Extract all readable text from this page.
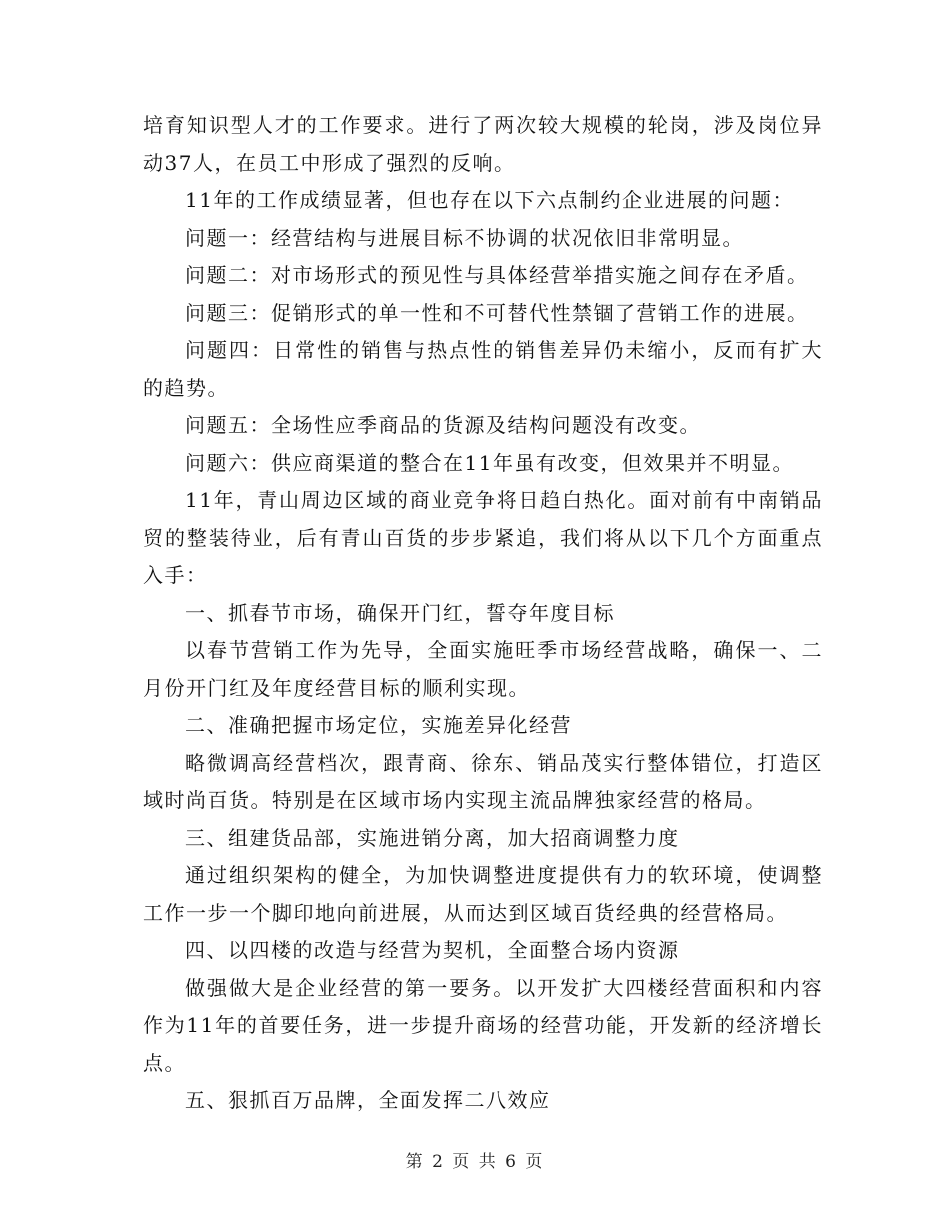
培育知识型人才的工作要求。进行了两次较大规模的轮岗，涉及岗位异动37人，在员工中形成了强烈的反响。

11年的工作成绩显著，但也存在以下六点制约企业进展的问题：

问题一：经营结构与进展目标不协调的状况依旧非常明显。

问题二：对市场形式的预见性与具体经营举措实施之间存在矛盾。

问题三：促销形式的单一性和不可替代性禁锢了营销工作的进展。

问题四：日常性的销售与热点性的销售差异仍未缩小，反而有扩大的趋势。

问题五：全场性应季商品的货源及结构问题没有改变。

问题六：供应商渠道的整合在11年虽有改变，但效果并不明显。

11年，青山周边区域的商业竞争将日趋白热化。面对前有中南销品贸的整装待业，后有青山百货的步步紧追，我们将从以下几个方面重点入手：

一、抓春节市场，确保开门红，誓夺年度目标

以春节营销工作为先导，全面实施旺季市场经营战略，确保一、二月份开门红及年度经营目标的顺利实现。

二、准确把握市场定位，实施差异化经营

略微调高经营档次，跟青商、徐东、销品茂实行整体错位，打造区域时尚百货。特别是在区域市场内实现主流品牌独家经营的格局。

三、组建货品部，实施进销分离，加大招商调整力度

通过组织架构的健全，为加快调整进度提供有力的软环境，使调整工作一步一个脚印地向前进展，从而达到区域百货经典的经营格局。

四、以四楼的改造与经营为契机，全面整合场内资源

做强做大是企业经营的第一要务。以开发扩大四楼经营面积和内容作为11年的首要任务，进一步提升商场的经营功能，开发新的经济增长点。

五、狠抓百万品牌，全面发挥二八效应

第 2 页 共 6 页
